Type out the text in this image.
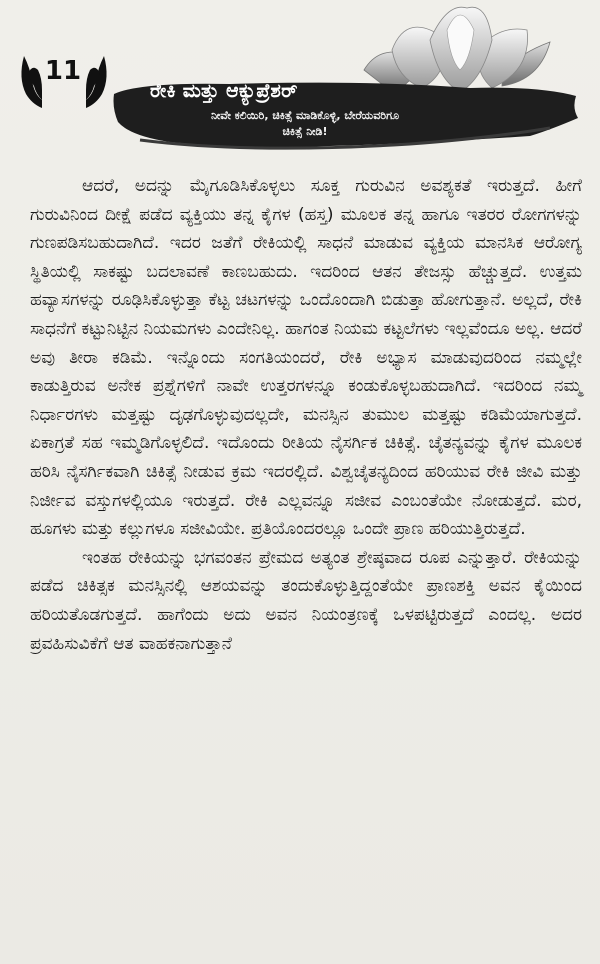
11
ರೇಕಿ ಮತ್ತು ಆಕ್ಯುಪ್ರೆಶರ್
ನೀವೇ ಕಲಿಯಿರಿ, ಚಿಕಿತ್ಸೆ ಮಾಡಿಕೊಳ್ಳಿ, ಬೇರೆಯವರಿಗೂ ಚಿಕಿತ್ಸೆ ನೀಡಿ!

ಆದರೆ, ಅದನ್ನು ಮೈಗೂಡಿಸಿಕೊಳ್ಳಲು ಸೂಕ್ತ ಗುರುವಿನ ಅವಶ್ಯಕತೆ ಇರುತ್ತದೆ. ಹೀಗೆ ಗುರುವಿನಿಂದ ದೀಕ್ಷೆ ಪಡೆದ ವ್ಯಕ್ತಿಯು ತನ್ನ ಕೈಗಳ (ಹಸ್ತ) ಮೂಲಕ ತನ್ನ ಹಾಗೂ ಇತರರ ರೋಗಗಳನ್ನು ಗುಣಪಡಿಸಬಹುದಾಗಿದೆ. ಇದರ ಜತೆಗೆ ರೇಕಿಯಲ್ಲಿ ಸಾಧನೆ ಮಾಡುವ ವ್ಯಕ್ತಿಯ ಮಾನಸಿಕ ಆರೋಗ್ಯ ಸ್ಥಿತಿಯಲ್ಲಿ ಸಾಕಷ್ಟು ಬದಲಾವಣೆ ಕಾಣಬಹುದು. ಇದರಿಂದ ಆತನ ತೇಜಸ್ಸು ಹೆಚ್ಚುತ್ತದೆ. ಉತ್ತಮ ಹವ್ಯಾಸಗಳನ್ನು ರೂಢಿಸಿಕೊಳ್ಳುತ್ತಾ ಕೆಟ್ಟ ಚಟಗಳನ್ನು ಒಂದೊಂದಾಗಿ ಬಿಡುತ್ತಾ ಹೋಗುತ್ತಾನೆ. ಅಲ್ಲದೆ, ರೇಕಿ ಸಾಧನೆಗೆ ಕಟ್ಟುನಿಟ್ಟಿನ ನಿಯಮಗಳು ಎಂದೇನಿಲ್ಲ. ಹಾಗಂತ ನಿಯಮ ಕಟ್ಟಲೆಗಳು ಇಲ್ಲವೆಂದೂ ಅಲ್ಲ. ಆದರೆ ಅವು ತೀರಾ ಕಡಿಮೆ. ಇನ್ನೊಂದು ಸಂಗತಿಯಂದರೆ, ರೇಕಿ ಅಭ್ಯಾಸ ಮಾಡುವುದರಿಂದ ನಮ್ಮಲ್ಲೇ ಕಾಡುತ್ತಿರುವ ಅನೇಕ ಪ್ರಶ್ನೆಗಳಿಗೆ ನಾವೇ ಉತ್ತರಗಳನ್ನೂ ಕಂಡುಕೊಳ್ಳಬಹುದಾಗಿದೆ. ಇದರಿಂದ ನಮ್ಮ ನಿರ್ಧಾರಗಳು ಮತ್ತಷ್ಟು ದೃಢಗೊಳ್ಳುವುದಲ್ಲದೇ, ಮನಸ್ಸಿನ ತುಮುಲ ಮತ್ತಷ್ಟು ಕಡಿಮೆಯಾಗುತ್ತದೆ. ಏಕಾಗ್ರತೆ ಸಹ ಇಮ್ಮಡಿಗೊಳ್ಳಲಿದೆ. ಇದೊಂದು ರೀತಿಯ ನೈಸರ್ಗಿಕ ಚಿಕಿತ್ಸೆ. ಚೈತನ್ಯವನ್ನು ಕೈಗಳ ಮೂಲಕ ಹರಿಸಿ ನೈಸರ್ಗಿಕವಾಗಿ ಚಿಕಿತ್ಸೆ ನೀಡುವ ಕ್ರಮ ಇದರಲ್ಲಿದೆ. ವಿಶ್ವಚೈತನ್ಯದಿಂದ ಹರಿಯುವ ರೇಕಿ ಜೀವಿ ಮತ್ತು ನಿರ್ಜೀವ ವಸ್ತುಗಳಲ್ಲಿಯೂ ಇರುತ್ತದೆ. ರೇಕಿ ಎಲ್ಲವನ್ನೂ ಸಜೀವ ಎಂಬಂತೆಯೇ ನೋಡುತ್ತದೆ. ಮರ, ಹೂಗಳು ಮತ್ತು ಕಲ್ಲುಗಳೂ ಸಜೀವಿಯೇ. ಪ್ರತಿಯೊಂದರಲ್ಲೂ ಒಂದೇ ಪ್ರಾಣ ಹರಿಯುತ್ತಿರುತ್ತದೆ.

ಇಂತಹ ರೇಕಿಯನ್ನು ಭಗವಂತನ ಪ್ರೇಮದ ಅತ್ಯಂತ ಶ್ರೇಷ್ಠವಾದ ರೂಪ ಎನ್ನುತ್ತಾರೆ. ರೇಕಿಯನ್ನು ಪಡೆದ ಚಿಕಿತ್ಸಕ ಮನಸ್ಸಿನಲ್ಲಿ ಆಶಯವನ್ನು ತಂದುಕೊಳ್ಳುತ್ತಿದ್ದಂತೆಯೇ ಪ್ರಾಣಶಕ್ತಿ ಅವನ ಕೈಯಿಂದ ಹರಿಯತೊಡಗುತ್ತದೆ. ಹಾಗೆಂದು ಅದು ಅವನ ನಿಯಂತ್ರಣಕ್ಕೆ ಒಳಪಟ್ಟಿರುತ್ತದೆ ಎಂದಲ್ಲ. ಅದರ ಪ್ರವಹಿಸುವಿಕೆಗೆ ಆತ ವಾಹಕನಾಗುತ್ತಾನೆ
